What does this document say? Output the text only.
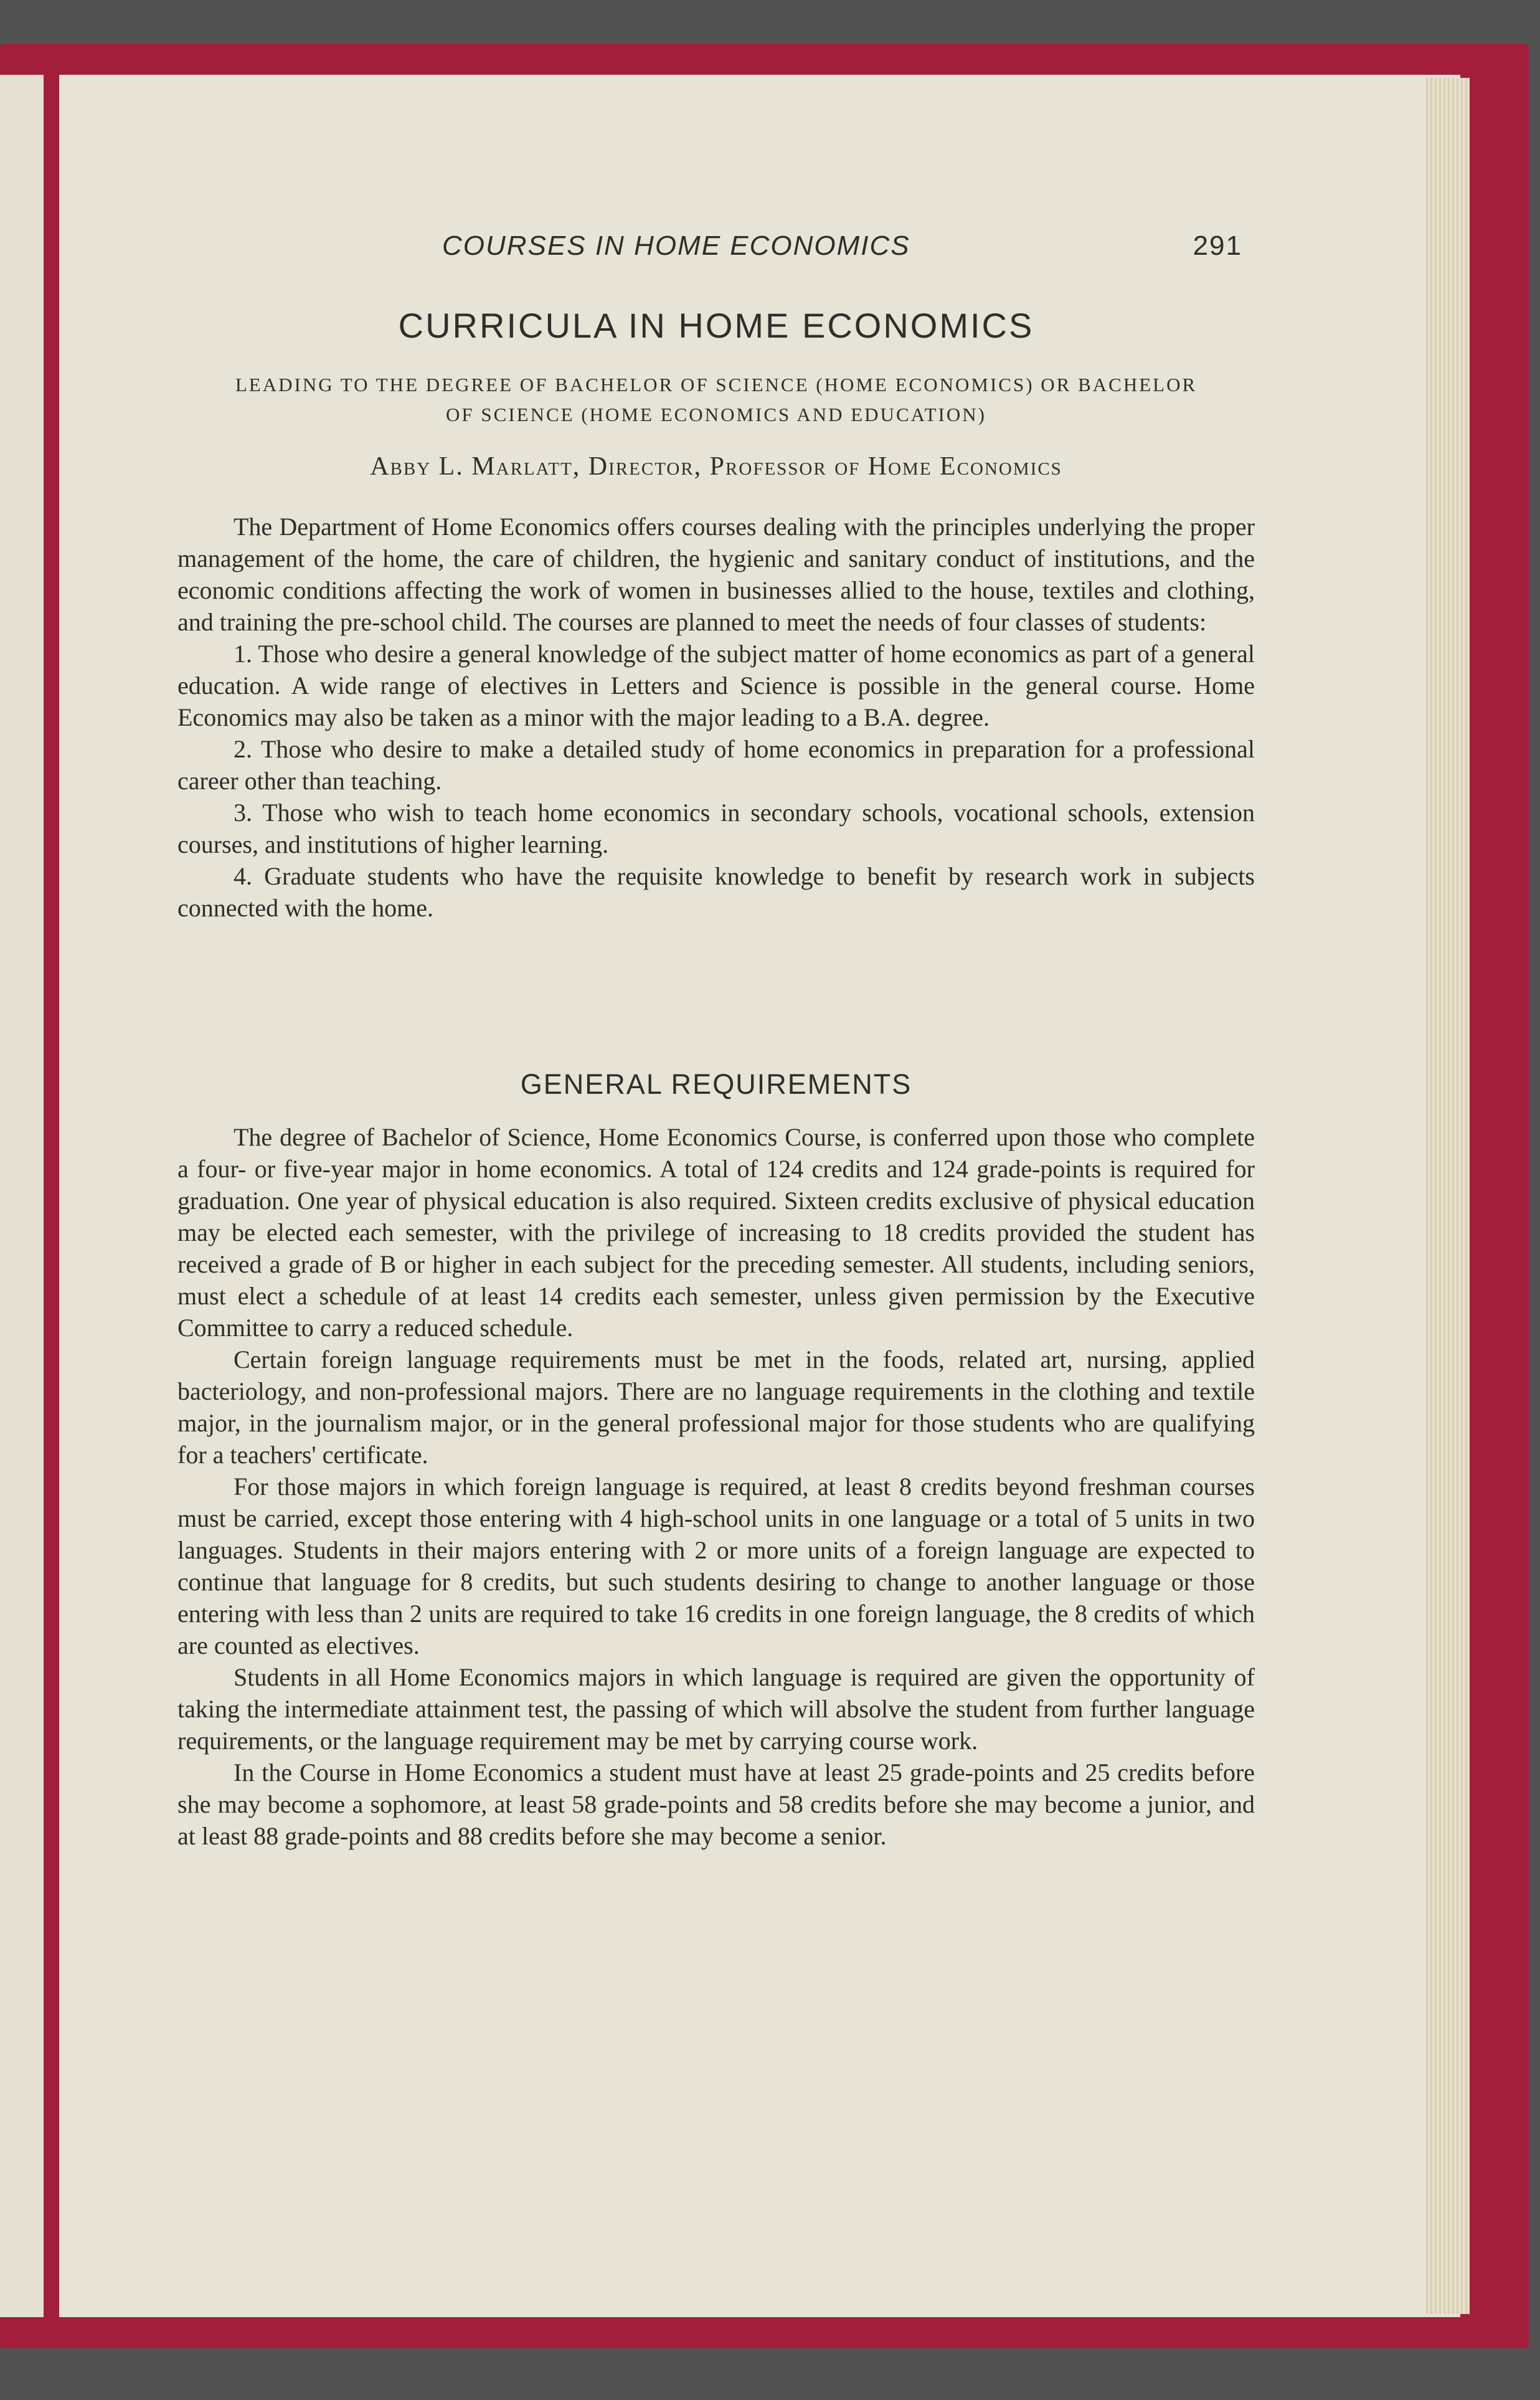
COURSES IN HOME ECONOMICS	291
CURRICULA IN HOME ECONOMICS
LEADING TO THE DEGREE OF BACHELOR OF SCIENCE (HOME ECONOMICS) OR BACHELOR
OF SCIENCE (HOME ECONOMICS AND EDUCATION)
Abby L. Marlatt, Director, Professor of Home Economics

The Department of Home Economics offers courses dealing with the principles underlying the proper management of the home, the care of children, the hygienic and sanitary conduct of institutions, and the economic conditions affecting the work of women in businesses allied to the house, textiles and clothing, and training the pre-school child. The courses are planned to meet the needs of four classes of students:

1. Those who desire a general knowledge of the subject matter of home economics as part of a general education. A wide range of electives in Letters and Science is possible in the general course. Home Economics may also be taken as a minor with the major leading to a B.A. degree.

2. Those who desire to make a detailed study of home economics in preparation for a professional career other than teaching.

3. Those who wish to teach home economics in secondary schools, vocational schools, extension courses, and institutions of higher learning.

4. Graduate students who have the requisite knowledge to benefit by research work in subjects connected with the home.

GENERAL REQUIREMENTS

The degree of Bachelor of Science, Home Economics Course, is conferred upon those who complete a four- or five-year major in home economics. A total of 124 credits and 124 grade-points is required for graduation. One year of physical education is also required. Sixteen credits exclusive of physical education may be elected each semester, with the privilege of increasing to 18 credits provided the student has received a grade of B or higher in each subject for the preceding semester. All students, including seniors, must elect a schedule of at least 14 credits each semester, unless given permission by the Executive Committee to carry a reduced schedule.

Certain foreign language requirements must be met in the foods, related art, nursing, applied bacteriology, and non-professional majors. There are no language requirements in the clothing and textile major, in the journalism major, or in the general professional major for those students who are qualifying for a teachers' certificate.

For those majors in which foreign language is required, at least 8 credits beyond freshman courses must be carried, except those entering with 4 high-school units in one language or a total of 5 units in two languages. Students in their majors entering with 2 or more units of a foreign language are expected to continue that language for 8 credits, but such students desiring to change to another language or those entering with less than 2 units are required to take 16 credits in one foreign language, the 8 credits of which are counted as electives.

Students in all Home Economics majors in which language is required are given the opportunity of taking the intermediate attainment test, the passing of which will absolve the student from further language requirements, or the language requirement may be met by carrying course work.

In the Course in Home Economics a student must have at least 25 grade-points and 25 credits before she may become a sophomore, at least 58 grade-points and 58 credits before she may become a junior, and at least 88 grade-points and 88 credits before she may become a senior.
